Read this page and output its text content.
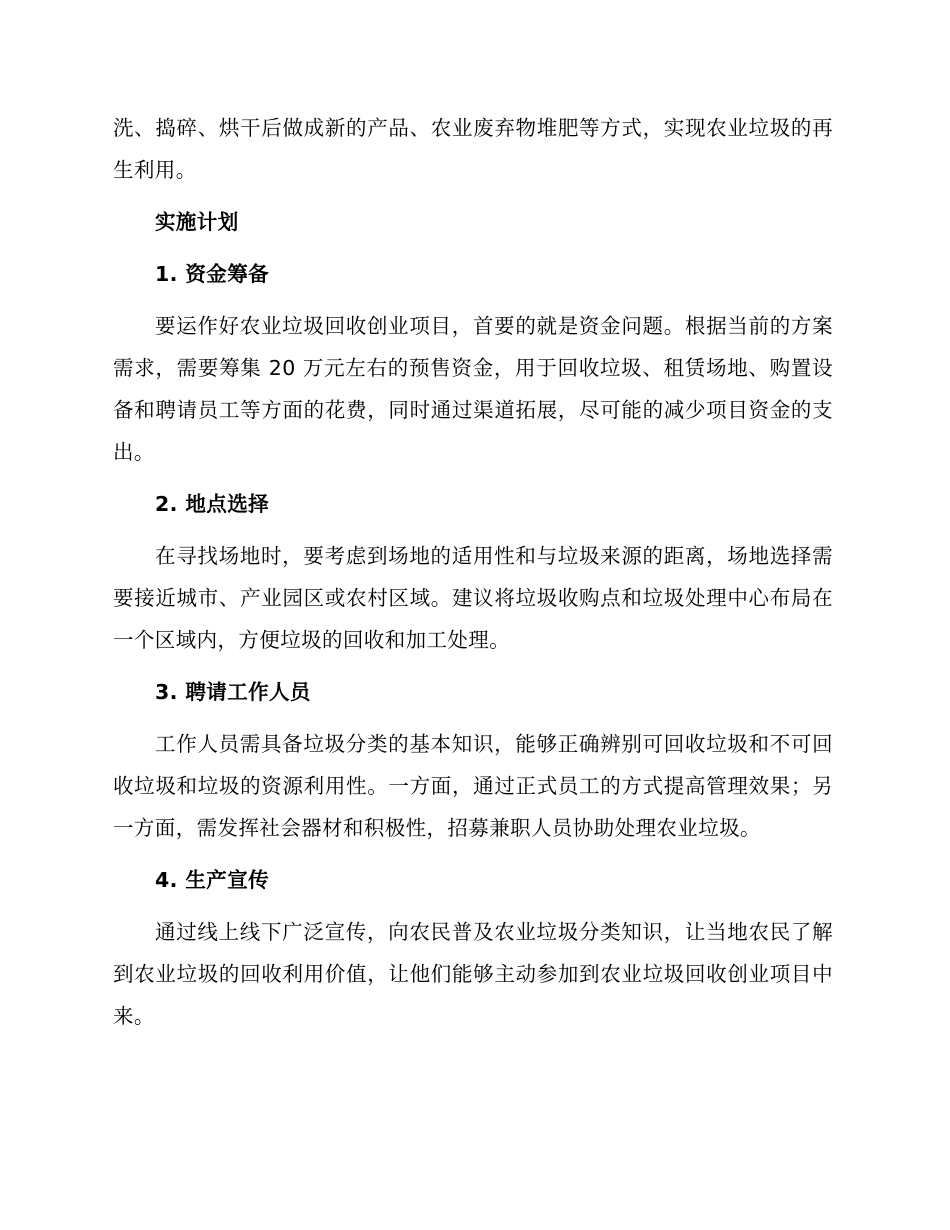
洗、捣碎、烘干后做成新的产品、农业废弃物堆肥等方式，实现农业垃圾的再生利用。

实施计划

1. 资金筹备

要运作好农业垃圾回收创业项目，首要的就是资金问题。根据当前的方案需求，需要筹集 20 万元左右的预售资金，用于回收垃圾、租赁场地、购置设备和聘请员工等方面的花费，同时通过渠道拓展，尽可能的减少项目资金的支出。

2. 地点选择

在寻找场地时，要考虑到场地的适用性和与垃圾来源的距离，场地选择需要接近城市、产业园区或农村区域。建议将垃圾收购点和垃圾处理中心布局在一个区域内，方便垃圾的回收和加工处理。

3. 聘请工作人员

工作人员需具备垃圾分类的基本知识，能够正确辨别可回收垃圾和不可回收垃圾和垃圾的资源利用性。一方面，通过正式员工的方式提高管理效果；另一方面，需发挥社会器材和积极性，招募兼职人员协助处理农业垃圾。

4. 生产宣传

通过线上线下广泛宣传，向农民普及农业垃圾分类知识，让当地农民了解到农业垃圾的回收利用价值，让他们能够主动参加到农业垃圾回收创业项目中来。
